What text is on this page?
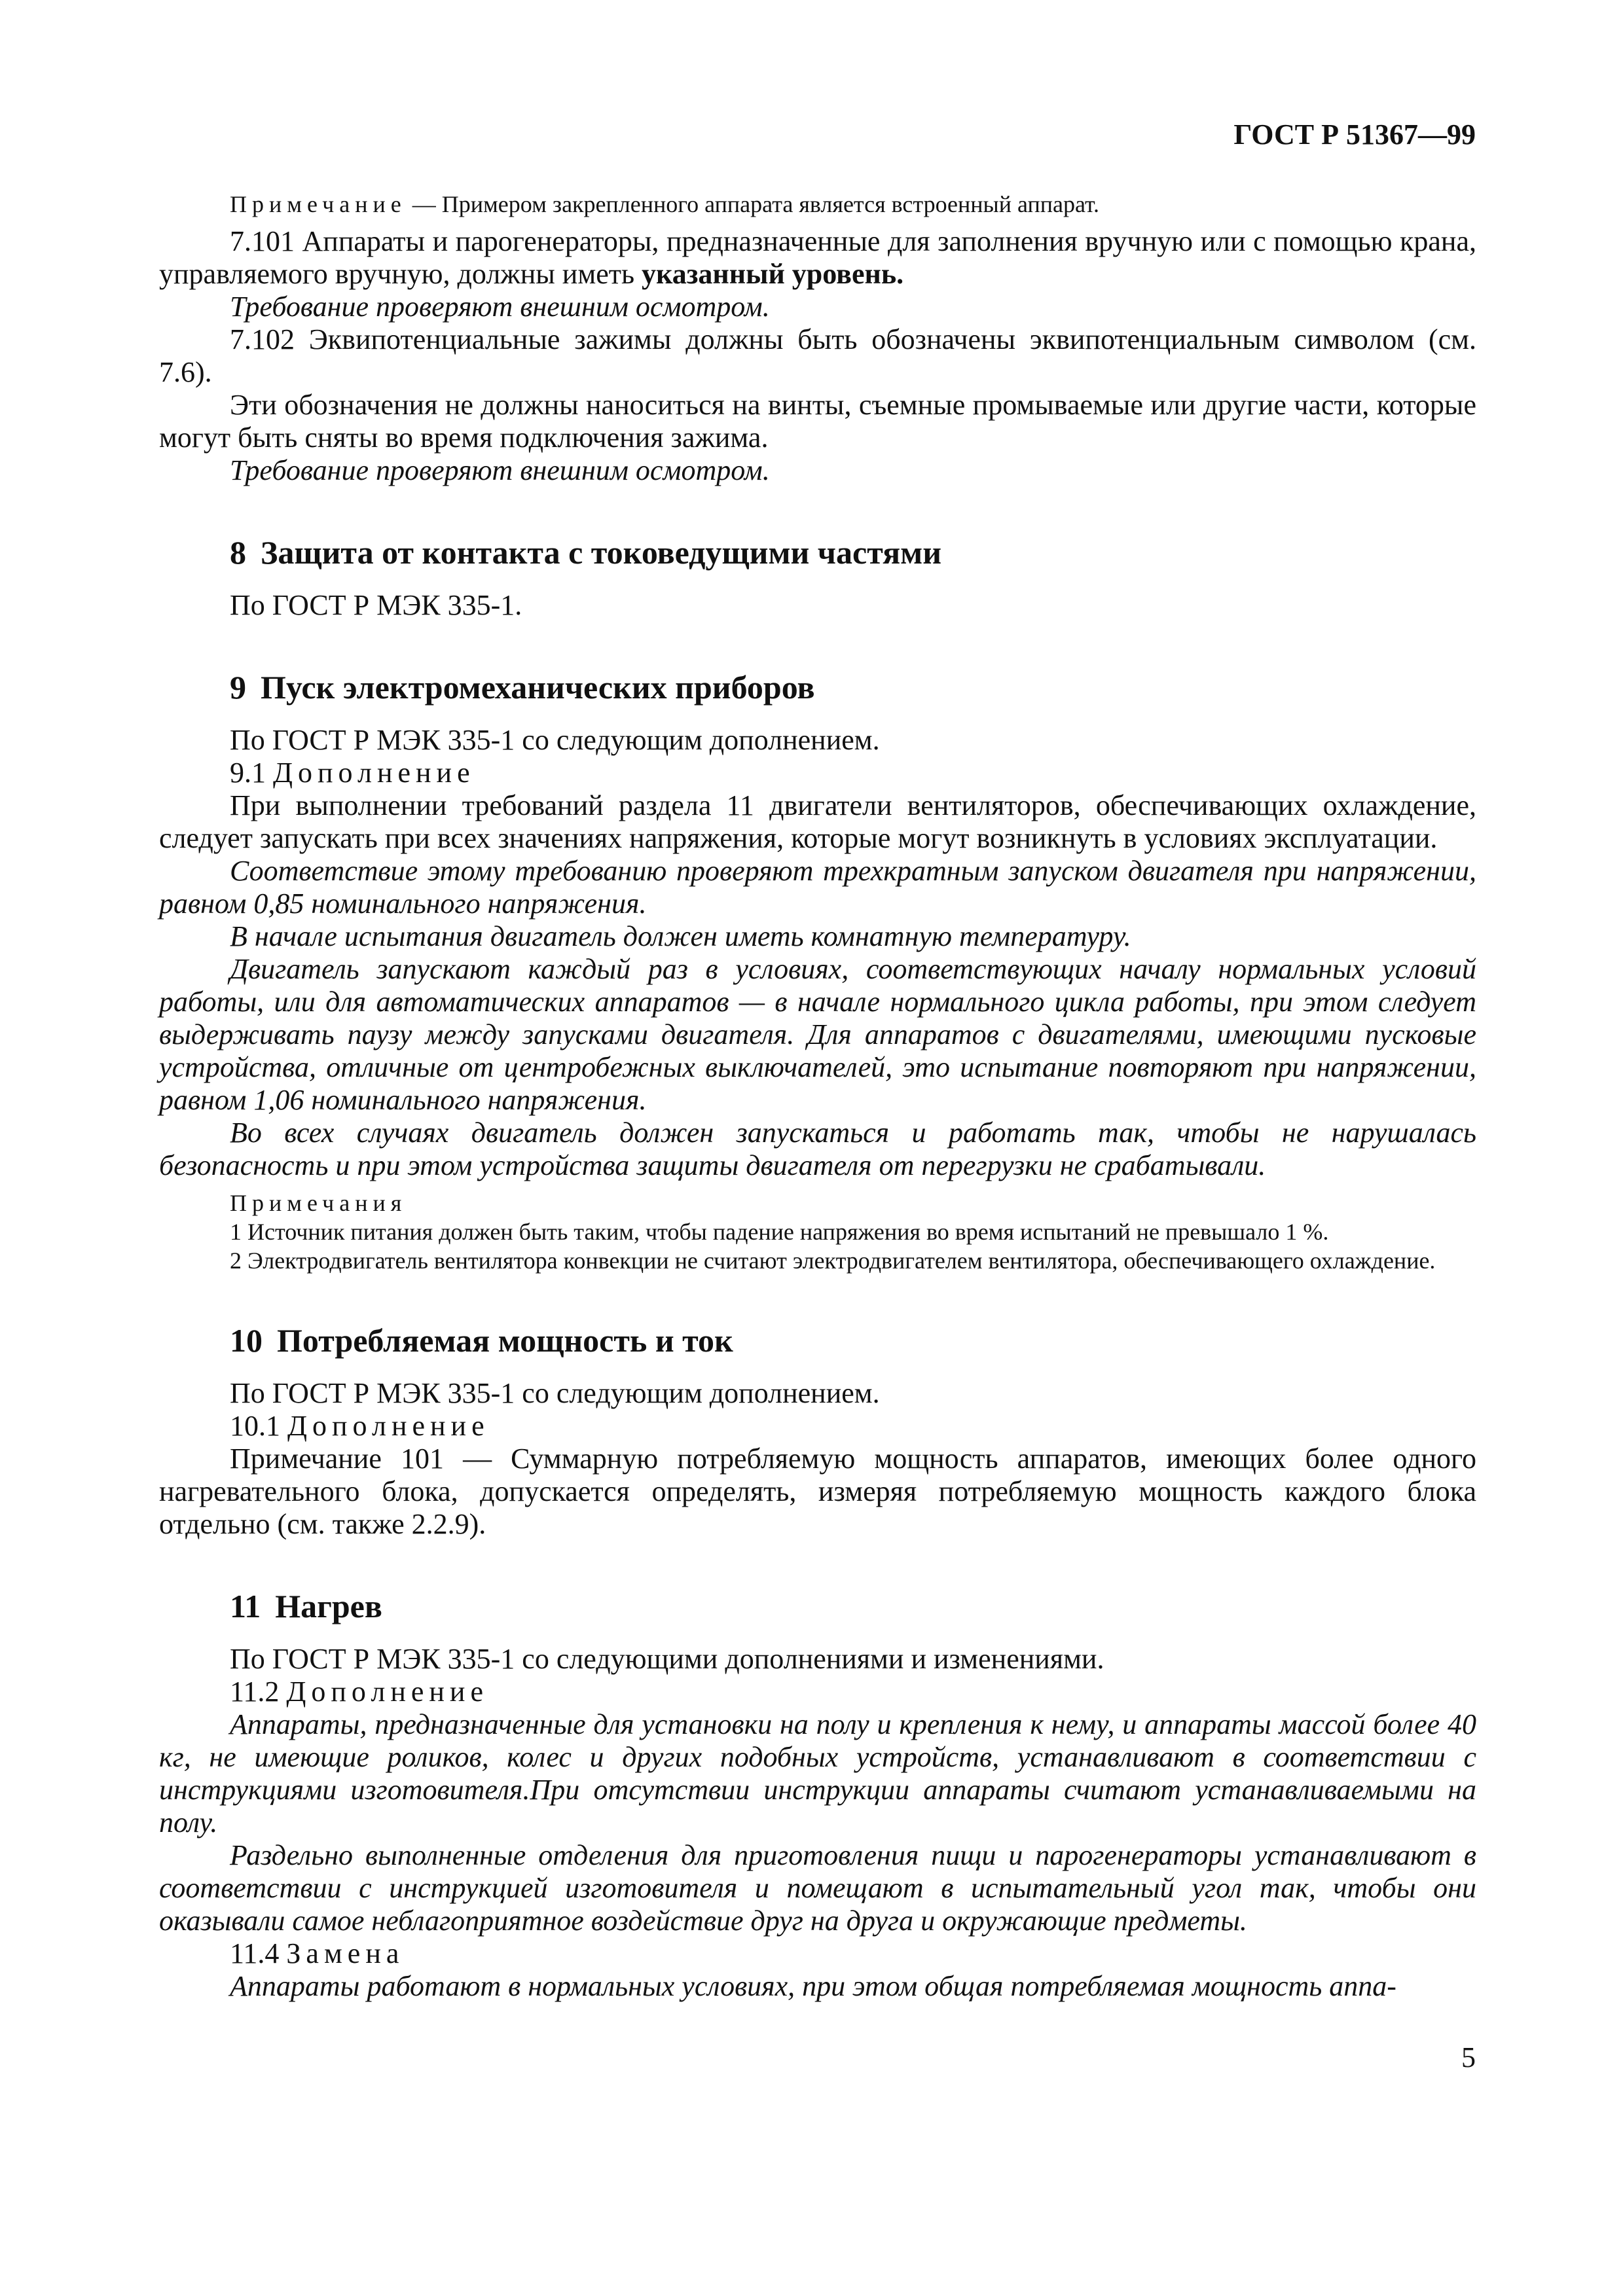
ГОСТ Р 51367—99

Примечание — Примером закрепленного аппарата является встроенный аппарат.

7.101 Аппараты и парогенераторы, предназначенные для заполнения вручную или с помощью крана, управляемого вручную, должны иметь указанный уровень.

Требование проверяют внешним осмотром.

7.102 Эквипотенциальные зажимы должны быть обозначены эквипотенциальным символом (см. 7.6).

Эти обозначения не должны наноситься на винты, съемные промываемые или другие части, которые могут быть сняты во время подключения зажима.

Требование проверяют внешним осмотром.

8 Защита от контакта с токоведущими частями

По ГОСТ Р МЭК 335-1.

9 Пуск электромеханических приборов

По ГОСТ Р МЭК 335-1 со следующим дополнением.

9.1 Дополнение

При выполнении требований раздела 11 двигатели вентиляторов, обеспечивающих охлаждение, следует запускать при всех значениях напряжения, которые могут возникнуть в условиях эксплуатации.

Соответствие этому требованию проверяют трехкратным запуском двигателя при напряжении, равном 0,85 номинального напряжения.

В начале испытания двигатель должен иметь комнатную температуру.

Двигатель запускают каждый раз в условиях, соответствующих началу нормальных условий работы, или для автоматических аппаратов — в начале нормального цикла работы, при этом следует выдерживать паузу между запусками двигателя. Для аппаратов с двигателями, имеющими пусковые устройства, отличные от центробежных выключателей, это испытание повторяют при напряжении, равном 1,06 номинального напряжения.

Во всех случаях двигатель должен запускаться и работать так, чтобы не нарушалась безопасность и при этом устройства защиты двигателя от перегрузки не срабатывали.

Примечания

1 Источник питания должен быть таким, чтобы падение напряжения во время испытаний не превышало 1 %.

2 Электродвигатель вентилятора конвекции не считают электродвигателем вентилятора, обеспечивающего охлаждение.

10 Потребляемая мощность и ток

По ГОСТ Р МЭК 335-1 со следующим дополнением.

10.1 Дополнение

Примечание 101 — Суммарную потребляемую мощность аппаратов, имеющих более одного нагревательного блока, допускается определять, измеряя потребляемую мощность каждого блока отдельно (см. также 2.2.9).

11 Нагрев

По ГОСТ Р МЭК 335-1 со следующими дополнениями и изменениями.

11.2 Дополнение

Аппараты, предназначенные для установки на полу и крепления к нему, и аппараты массой более 40 кг, не имеющие роликов, колес и других подобных устройств, устанавливают в соответствии с инструкциями изготовителя.При отсутствии инструкции аппараты считают устанавливаемыми на полу.

Раздельно выполненные отделения для приготовления пищи и парогенераторы устанавливают в соответствии с инструкцией изготовителя и помещают в испытательный угол так, чтобы они оказывали самое неблагоприятное воздействие друг на друга и окружающие предметы.

11.4 Замена

Аппараты работают в нормальных условиях, при этом общая потребляемая мощность аппа-

5
